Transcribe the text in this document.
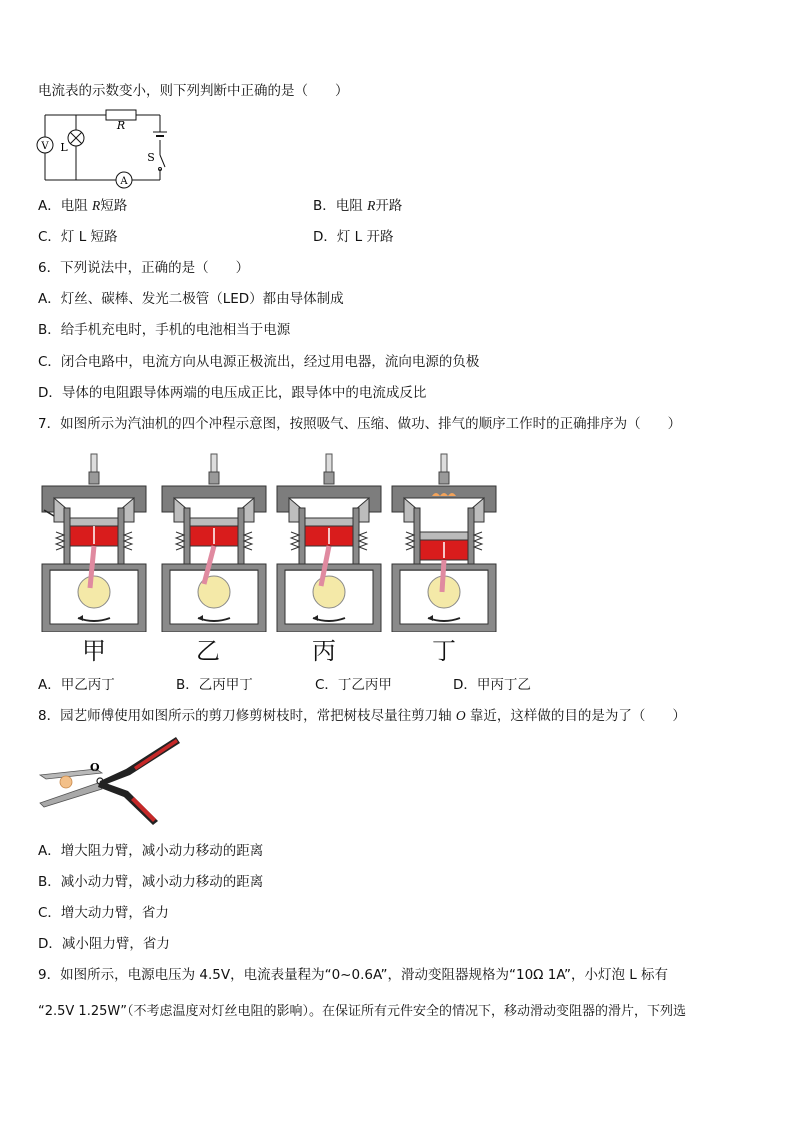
电流表的示数变小，则下列判断中正确的是（　　）
V
A
L
R
S
A．电阻 R短路	B．电阻 R开路
C．灯 L 短路	D．灯 L 开路
6．下列说法中，正确的是（　　）
A．灯丝、碳棒、发光二极管（LED）都由导体制成
B．给手机充电时，手机的电池相当于电源
C．闭合电路中，电流方向从电源正极流出，经过用电器，流向电源的负极
D．导体的电阻跟导体两端的电压成正比，跟导体中的电流成反比
7．如图所示为汽油机的四个冲程示意图，按照吸气、压缩、做功、排气的顺序工作时的正确排序为（　　）
甲	乙	丙	丁
A．甲乙丙丁	B．乙丙甲丁	C．丁乙丙甲	D．甲丙丁乙
8．园艺师傅使用如图所示的剪刀修剪树枝时，常把树枝尽量往剪刀轴 O 靠近，这样做的目的是为了（　　）
O
A．增大阻力臂，减小动力移动的距离
B．减小动力臂，减小动力移动的距离
C．增大动力臂，省力
D．减小阻力臂，省力
9．如图所示，电源电压为 4.5V，电流表量程为“0~0.6A”，滑动变阻器规格为“10Ω 1A”，小灯泡 L 标有
“2.5V 1.25W”（不考虑温度对灯丝电阻的影响）。在保证所有元件安全的情况下，移动滑动变阻器的滑片，下列选
